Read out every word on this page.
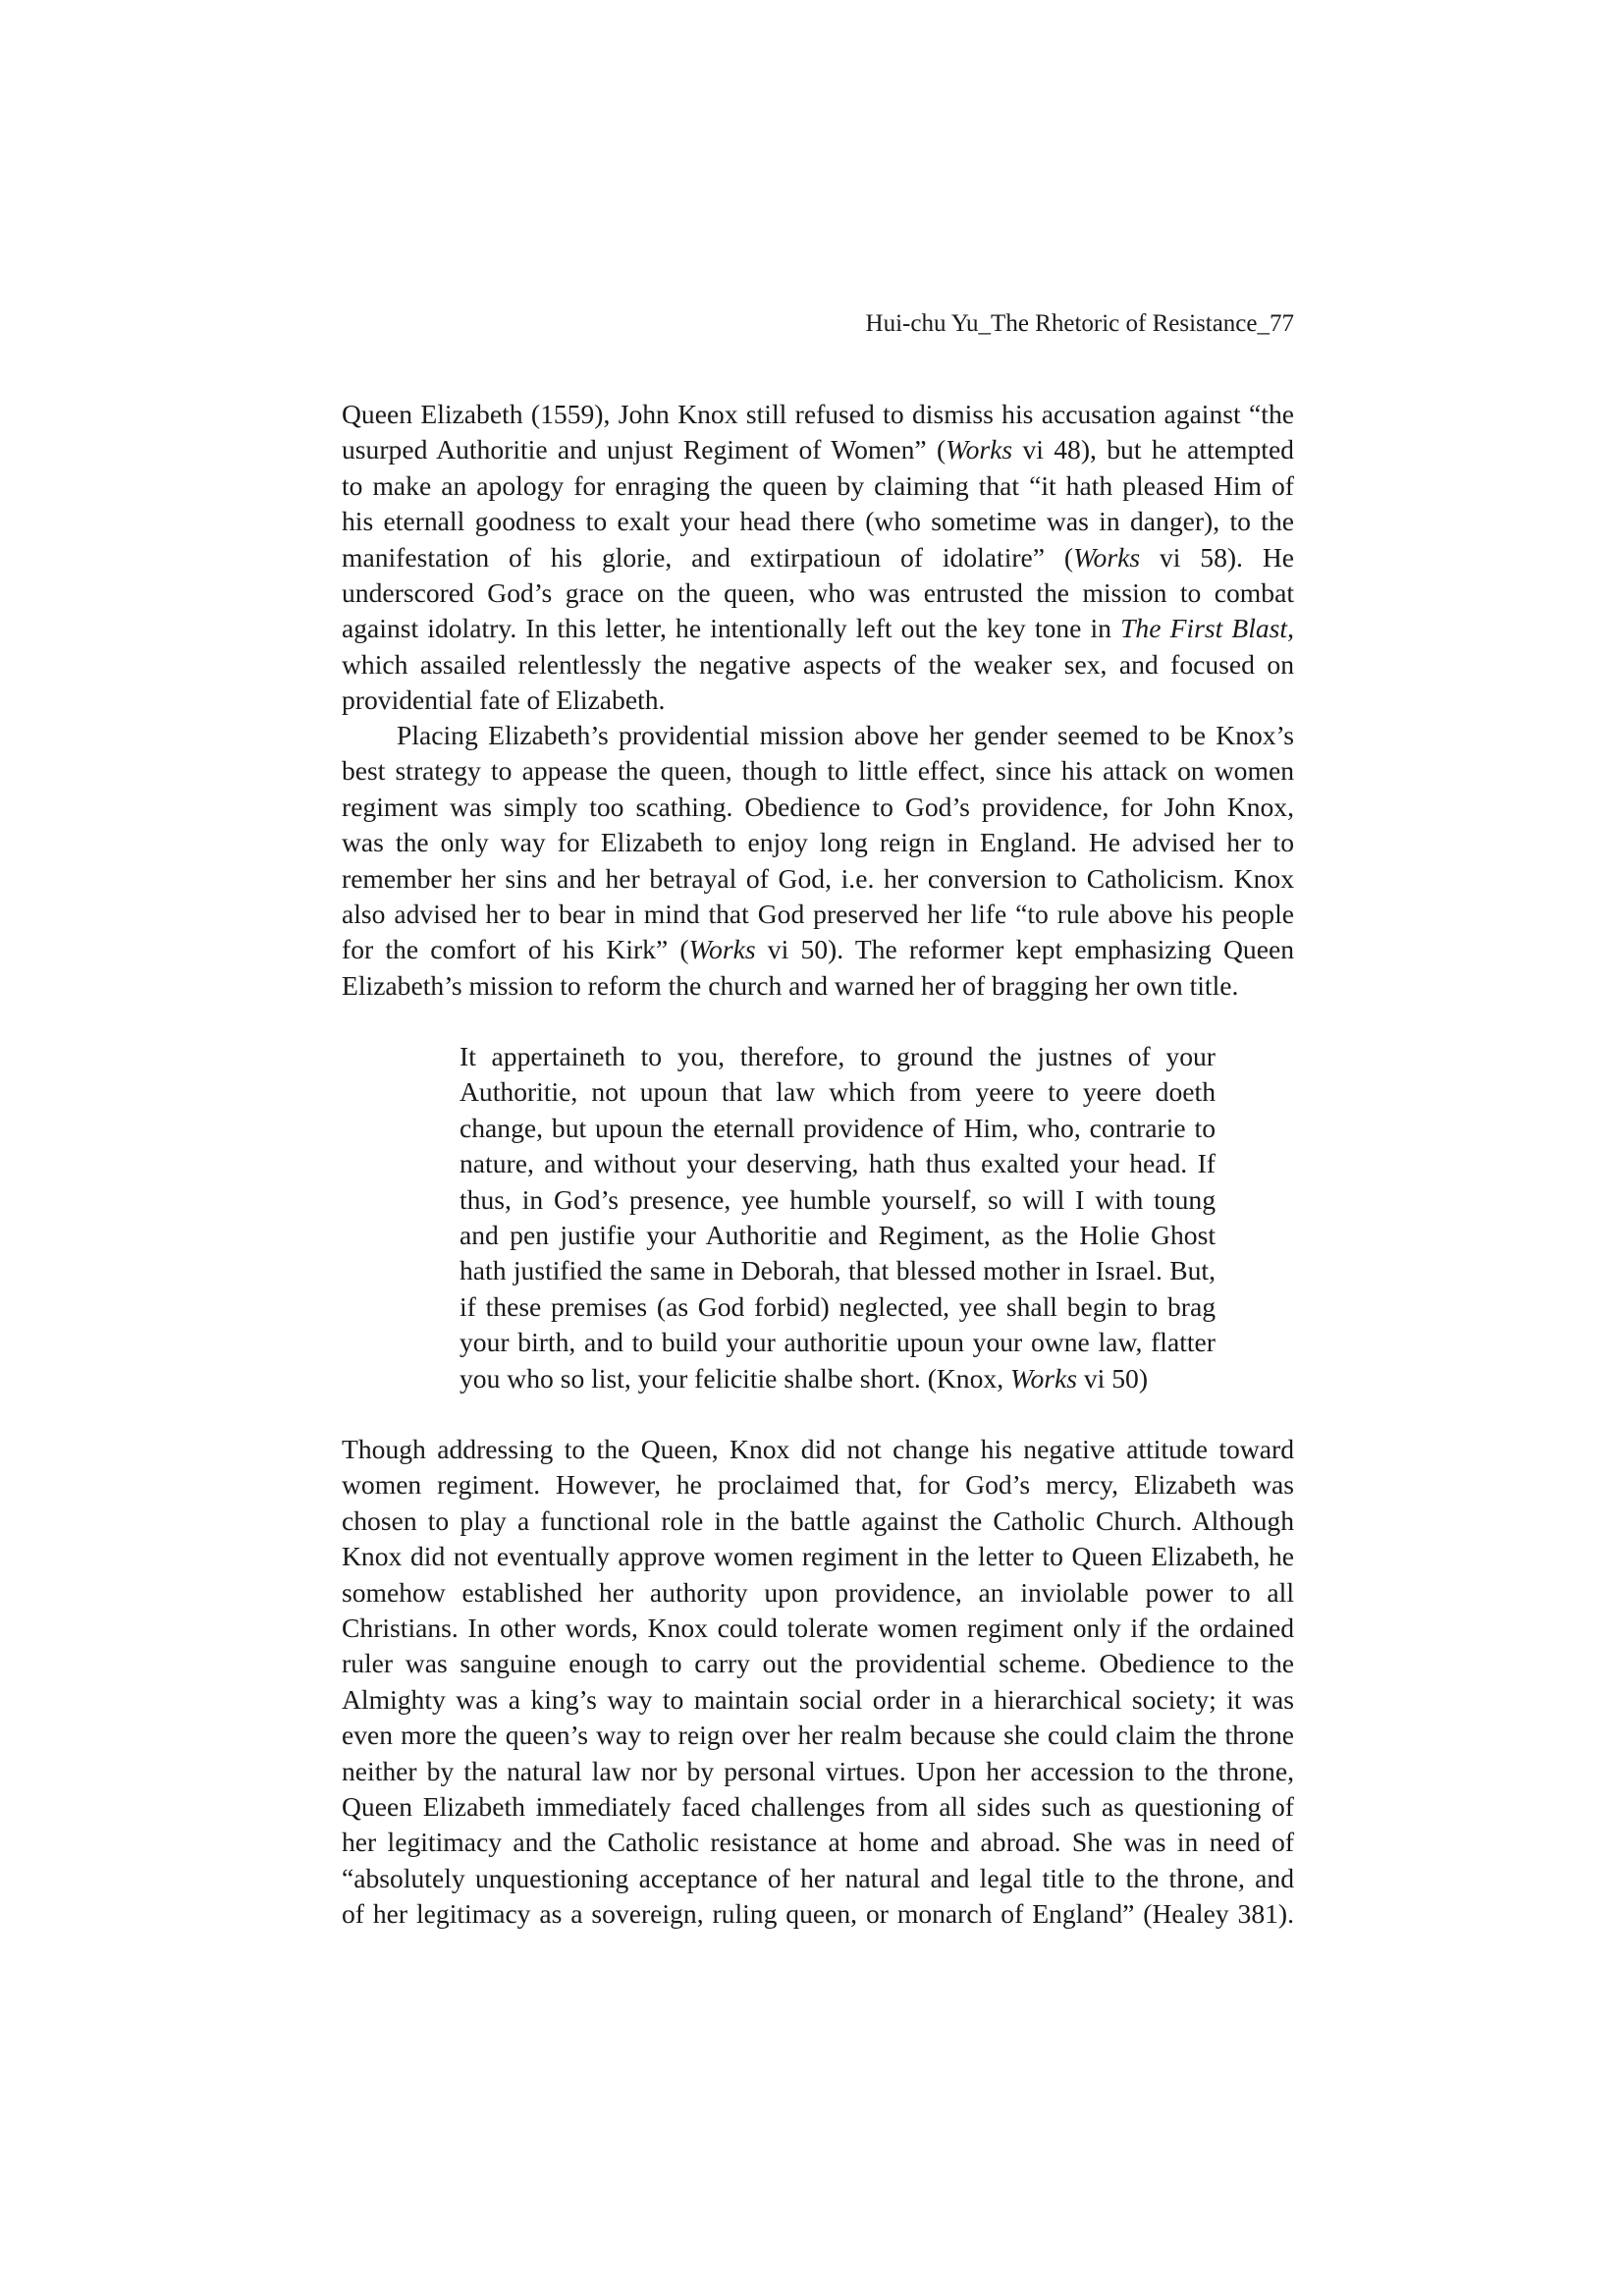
Hui-chu Yu_The Rhetoric of Resistance_77
Queen Elizabeth (1559), John Knox still refused to dismiss his accusation against “the
usurped Authoritie and unjust Regiment of Women” (Works vi 48), but he attempted
to make an apology for enraging the queen by claiming that “it hath pleased Him of
his eternall goodness to exalt your head there (who sometime was in danger), to the
manifestation of his glorie, and extirpatioun of idolatire” (Works vi 58). He
underscored God’s grace on the queen, who was entrusted the mission to combat
against idolatry. In this letter, he intentionally left out the key tone in The First Blast,
which assailed relentlessly the negative aspects of the weaker sex, and focused on
providential fate of Elizabeth.
Placing Elizabeth’s providential mission above her gender seemed to be Knox’s
best strategy to appease the queen, though to little effect, since his attack on women
regiment was simply too scathing. Obedience to God’s providence, for John Knox,
was the only way for Elizabeth to enjoy long reign in England. He advised her to
remember her sins and her betrayal of God, i.e. her conversion to Catholicism. Knox
also advised her to bear in mind that God preserved her life “to rule above his people
for the comfort of his Kirk” (Works vi 50). The reformer kept emphasizing Queen
Elizabeth’s mission to reform the church and warned her of bragging her own title.
It appertaineth to you, therefore, to ground the justnes of your
Authoritie, not upoun that law which from yeere to yeere doeth
change, but upoun the eternall providence of Him, who, contrarie to
nature, and without your deserving, hath thus exalted your head. If
thus, in God’s presence, yee humble yourself, so will I with toung
and pen justifie your Authoritie and Regiment, as the Holie Ghost
hath justified the same in Deborah, that blessed mother in Israel. But,
if these premises (as God forbid) neglected, yee shall begin to brag
your birth, and to build your authoritie upoun your owne law, flatter
you who so list, your felicitie shalbe short. (Knox, Works vi 50)
Though addressing to the Queen, Knox did not change his negative attitude toward
women regiment. However, he proclaimed that, for God’s mercy, Elizabeth was
chosen to play a functional role in the battle against the Catholic Church. Although
Knox did not eventually approve women regiment in the letter to Queen Elizabeth, he
somehow established her authority upon providence, an inviolable power to all
Christians. In other words, Knox could tolerate women regiment only if the ordained
ruler was sanguine enough to carry out the providential scheme. Obedience to the
Almighty was a king’s way to maintain social order in a hierarchical society; it was
even more the queen’s way to reign over her realm because she could claim the throne
neither by the natural law nor by personal virtues. Upon her accession to the throne,
Queen Elizabeth immediately faced challenges from all sides such as questioning of
her legitimacy and the Catholic resistance at home and abroad. She was in need of
“absolutely unquestioning acceptance of her natural and legal title to the throne, and
of her legitimacy as a sovereign, ruling queen, or monarch of England” (Healey 381).
